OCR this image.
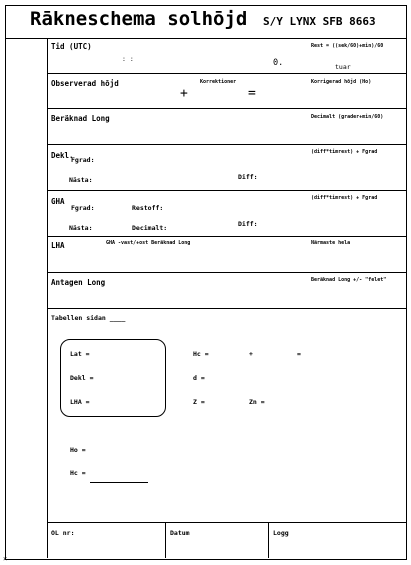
Rākneschema solhōjd S/Y LYNX SFB 8663
Tid (UTC)
: :	0.	tuar
Rest = ((sek/60)+min)/60
Observerad hōjd	Korrektioner
+	=
Korrigerad hōjd (Ho)
Beräknad Long	Decimalt (grader+min/60)
Dekl.
Fgrad:
Nästa:	Diff:
(diff*timrest) + Fgrad
GHA
Fgrad:	Restoff:
Nästa:	Decimalt:	Diff:
(diff*timrest) + Fgrad
LHA	GHA -vast/+ost Beräknad Long	Närmaste hela
Antagen Long	Beräknad Long +/- "felet"
Tabellen sidan ____
Lat =
Dekl =
LHA =
Hc =	+	=
d =
Z =	Zn =
Ho =
Hc =
OL nr:	Datum	Logg
×
